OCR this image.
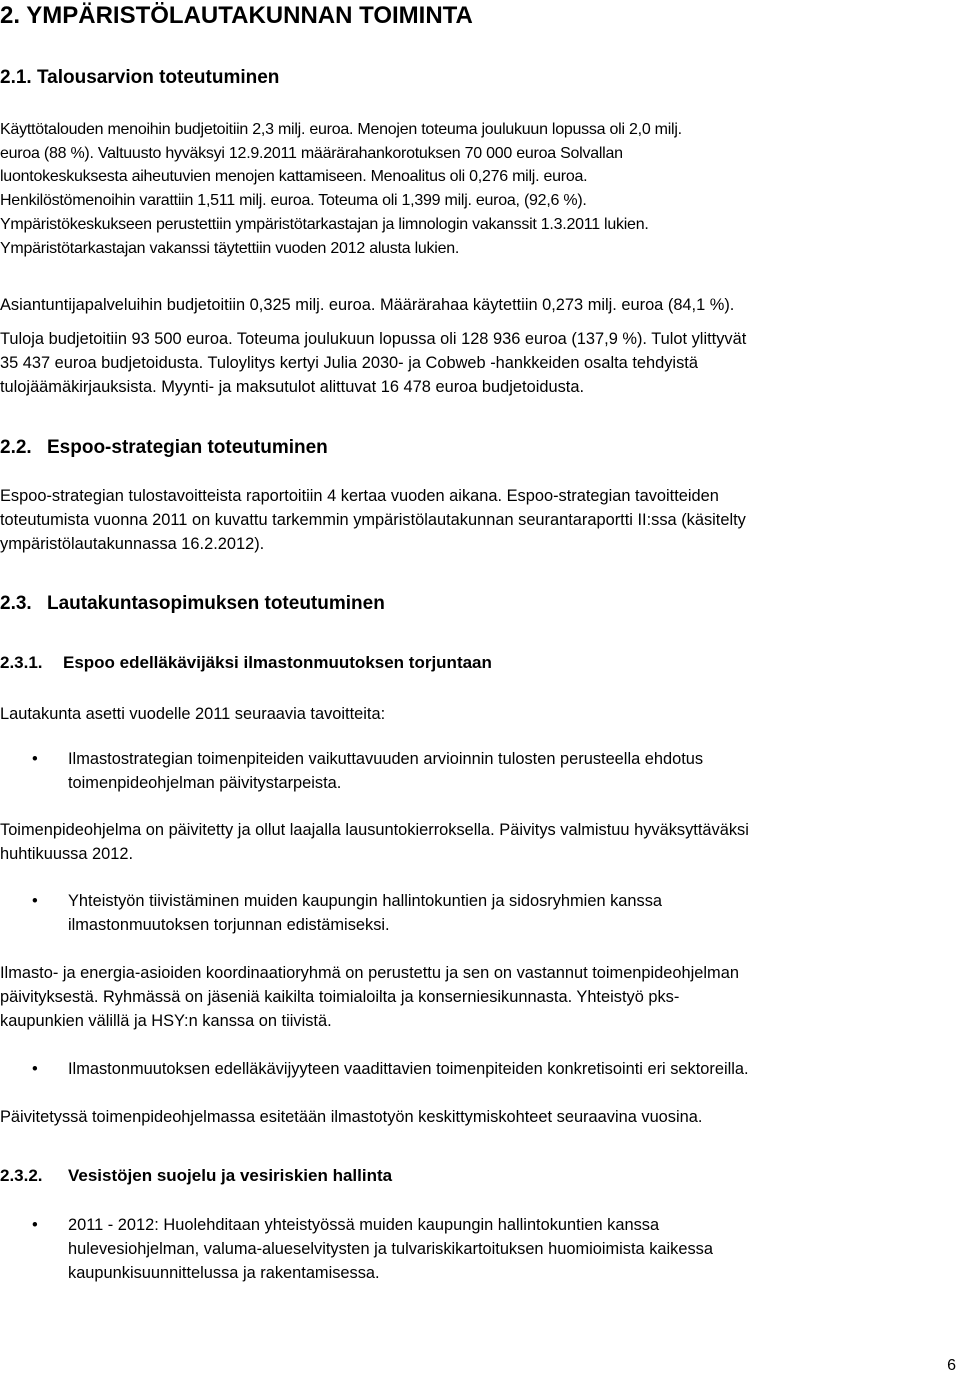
2. YMPÄRISTÖLAUTAKUNNAN TOIMINTA
2.1. Talousarvion toteutuminen
Käyttötalouden menoihin budjetoitiin 2,3 milj. euroa. Menojen toteuma joulukuun lopussa oli 2,0 milj.
euroa (88 %). Valtuusto hyväksyi 12.9.2011 määrärahankorotuksen 70 000 euroa Solvallan
luontokeskuksesta aiheutuvien menojen kattamiseen. Menoalitus oli 0,276 milj. euroa.
Henkilöstömenoihin varattiin 1,511 milj. euroa. Toteuma oli 1,399 milj. euroa, (92,6 %).
Ympäristökeskukseen perustettiin ympäristötarkastajan ja limnologin vakanssit 1.3.2011 lukien.
Ympäristötarkastajan vakanssi täytettiin vuoden 2012 alusta lukien.
Asiantuntijapalveluihin budjetoitiin 0,325 milj. euroa. Määrärahaa käytettiin 0,273 milj. euroa (84,1 %).
Tuloja budjetoitiin 93 500 euroa. Toteuma joulukuun lopussa oli 128 936 euroa (137,9 %). Tulot ylittyvät
35 437 euroa budjetoidusta. Tuloylitys kertyi Julia 2030- ja Cobweb -hankkeiden osalta tehdyistä
tulojäämäkirjauksista. Myynti- ja maksutulot alittuvat 16 478 euroa budjetoidusta.
2.2. Espoo-strategian toteutuminen
Espoo-strategian tulostavoitteista raportoitiin 4 kertaa vuoden aikana. Espoo-strategian tavoitteiden
toteutumista vuonna 2011 on kuvattu tarkemmin ympäristölautakunnan seurantaraportti II:ssa (käsitelty
ympäristölautakunnassa 16.2.2012).
2.3. Lautakuntasopimuksen toteutuminen
2.3.1. Espoo edelläkävijäksi ilmastonmuutoksen torjuntaan
Lautakunta asetti vuodelle 2011 seuraavia tavoitteita:
• Ilmastostrategian toimenpiteiden vaikuttavuuden arvioinnin tulosten perusteella ehdotus
toimenpideohjelman päivitystarpeista.
Toimenpideohjelma on päivitetty ja ollut laajalla lausuntokierroksella. Päivitys valmistuu hyväksyttäväksi
huhtikuussa 2012.
• Yhteistyön tiivistäminen muiden kaupungin hallintokuntien ja sidosryhmien kanssa
ilmastonmuutoksen torjunnan edistämiseksi.
Ilmasto- ja energia-asioiden koordinaatioryhmä on perustettu ja sen on vastannut toimenpideohjelman
päivityksestä. Ryhmässä on jäseniä kaikilta toimialoilta ja konserniesikunnasta. Yhteistyö pks-
kaupunkien välillä ja HSY:n kanssa on tiivistä.
• Ilmastonmuutoksen edelläkävijyyteen vaadittavien toimenpiteiden konkretisointi eri sektoreilla.
Päivitetyssä toimenpideohjelmassa esitetään ilmastotyön keskittymiskohteet seuraavina vuosina.
2.3.2. Vesistöjen suojelu ja vesiriskien hallinta
• 2011 - 2012: Huolehditaan yhteistyössä muiden kaupungin hallintokuntien kanssa
hulevesiohjelman, valuma-alueselvitysten ja tulvariskikartoituksen huomioimista kaikessa
kaupunkisuunnittelussa ja rakentamisessa.
6
